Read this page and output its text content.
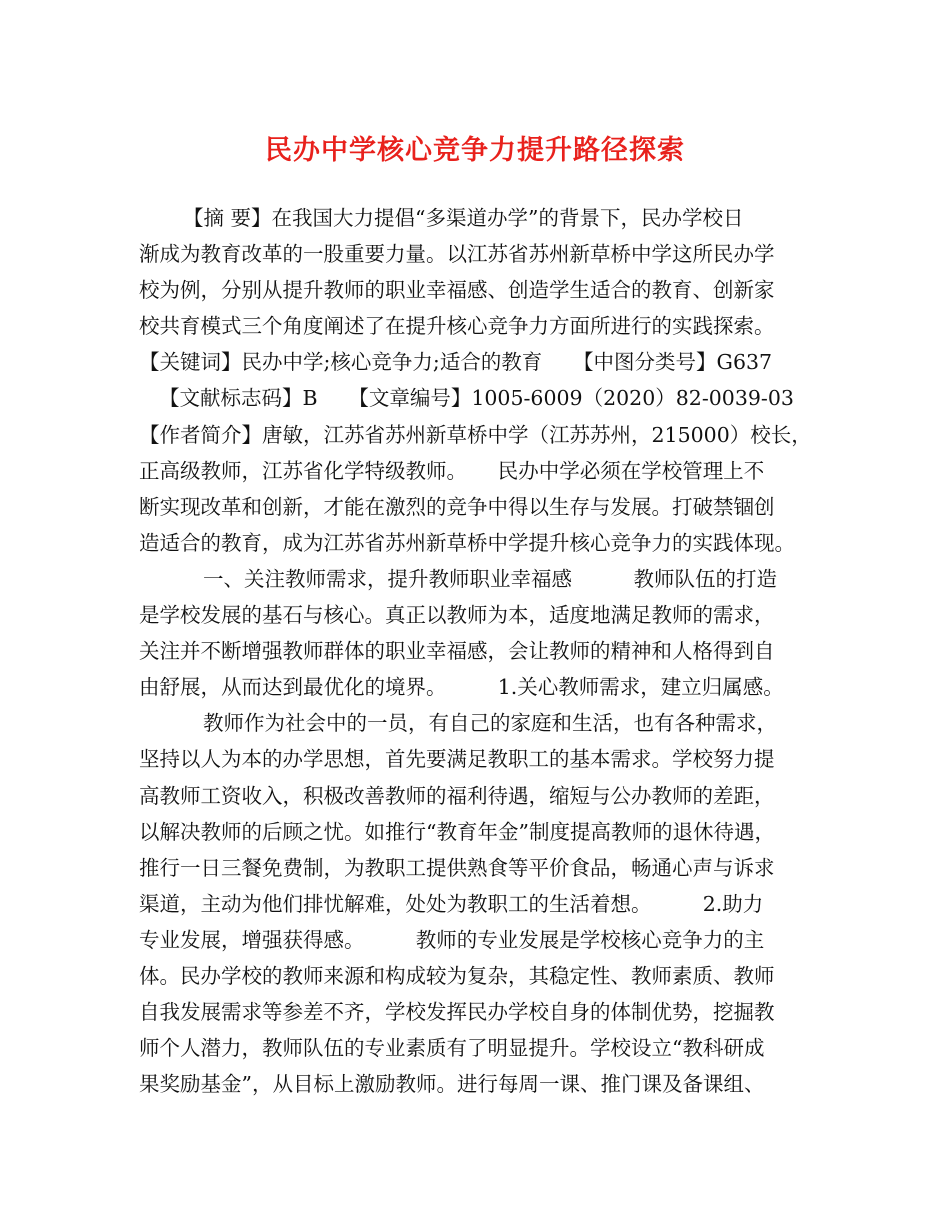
民办中学核心竞争力提升路径探索
【摘 要】在我国大力提倡“多渠道办学”的背景下，民办学校日
渐成为教育改革的一股重要力量。以江苏省苏州新草桥中学这所民办学
校为例，分别从提升教师的职业幸福感、创造学生适合的教育、创新家
校共育模式三个角度阐述了在提升核心竞争力方面所进行的实践探索。
【关键词】民办中学;核心竞争力;适合的教育　　【中图分类号】G637
【文献标志码】B　　【文章编号】1005-6009（2020）82-0039-03
【作者简介】唐敏，江苏省苏州新草桥中学（江苏苏州，215000）校长，
正高级教师，江苏省化学特级教师。　　民办中学必须在学校管理上不
断实现改革和创新，才能在激烈的竞争中得以生存与发展。打破禁锢创
造适合的教育，成为江苏省苏州新草桥中学提升核心竞争力的实践体现。
一、关注教师需求，提升教师职业幸福感　　　教师队伍的打造
是学校发展的基石与核心。真正以教师为本，适度地满足教师的需求，
关注并不断增强教师群体的职业幸福感，会让教师的精神和人格得到自
由舒展，从而达到最优化的境界。　　　1.关心教师需求，建立归属感。
教师作为社会中的一员，有自己的家庭和生活，也有各种需求，
坚持以人为本的办学思想，首先要满足教职工的基本需求。学校努力提
高教师工资收入，积极改善教师的福利待遇，缩短与公办教师的差距，
以解决教师的后顾之忧。如推行“教育年金”制度提高教师的退休待遇，
推行一日三餐免费制，为教职工提供熟食等平价食品，畅通心声与诉求
渠道，主动为他们排忧解难，处处为教职工的生活着想。　　　2.助力
专业发展，增强获得感。　　　教师的专业发展是学校核心竞争力的主
体。民办学校的教师来源和构成较为复杂，其稳定性、教师素质、教师
自我发展需求等参差不齐，学校发挥民办学校自身的体制优势，挖掘教
师个人潜力，教师队伍的专业素质有了明显提升。学校设立“教科研成
果奖励基金”，从目标上激励教师。进行每周一课、推门课及备课组、
